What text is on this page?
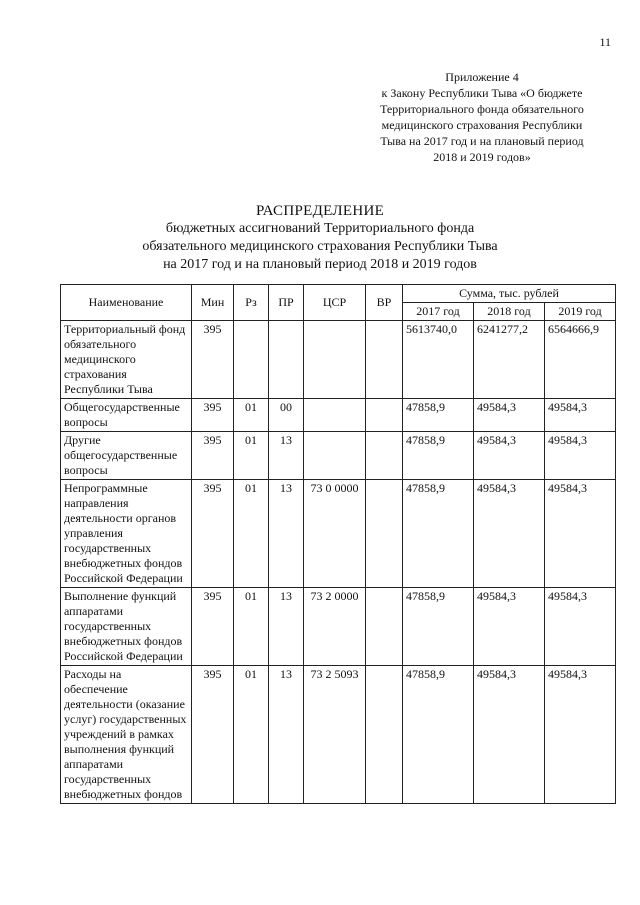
11
Приложение 4
к Закону Республики Тыва «О бюджете
Территориального фонда обязательного
медицинского страхования Республики
Тыва на 2017 год и на плановый период
2018 и 2019 годов»
РАСПРЕДЕЛЕНИЕ
бюджетных ассигнований Территориального фонда
обязательного медицинского страхования Республики Тыва
на 2017 год и на плановый период 2018 и 2019 годов
Наименование	Мин	Рз	ПР	ЦСР	ВР	Сумма, тыс. рублей		
						2017 год	2018 год	2019 год
Территориальный фонд обязательного медицинского страхования Республики Тыва	395					5613740,0	6241277,2	6564666,9
Общегосударственные вопросы	395	01	00			47858,9	49584,3	49584,3
Другие общегосударственные вопросы	395	01	13			47858,9	49584,3	49584,3
Непрограммные направления деятельности органов управления государственных внебюджетных фондов Российской Федерации	395	01	13	73 0 0000		47858,9	49584,3	49584,3
Выполнение функций аппаратами государственных внебюджетных фондов Российской Федерации	395	01	13	73 2 0000		47858,9	49584,3	49584,3
Расходы на обеспечение деятельности (оказание услуг) государственных учреждений в рамках выполнения функций аппаратами государственных внебюджетных фондов	395	01	13	73 2 5093		47858,9	49584,3	49584,3
